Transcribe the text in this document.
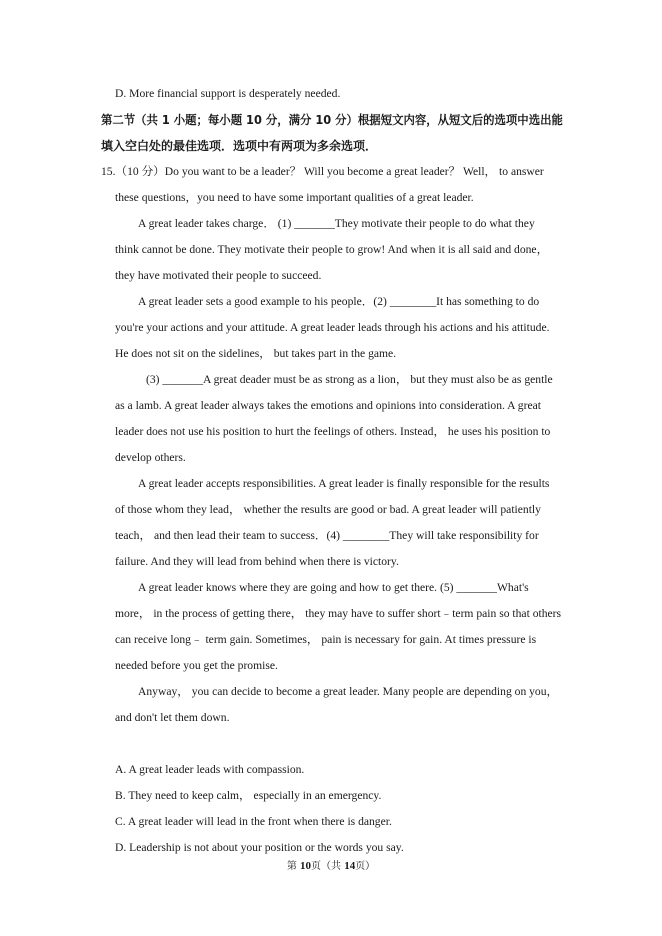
D. More financial support is desperately needed.
第二节（共 1 小题；每小题 10 分，满分 10 分）根据短文内容，从短文后的选项中选出能
填入空白处的最佳选项．选项中有两项为多余选项．
15.（10 分）Do you want to be a leader？ Will you become a great leader？ Well， to answer
these questions，you need to have some important qualities of a great leader.
A great leader takes charge． (1) _______They motivate their people to do what they
think cannot be done. They motivate their people to grow! And when it is all said and done，
they have motivated their people to succeed.
A great leader sets a good example to his people．(2) ________It has something to do
you're your actions and your attitude. A great leader leads through his actions and his attitude.
He does not sit on the sidelines， but takes part in the game.
(3) _______A great deader must be as strong as a lion， but they must also be as gentle
as a lamb. A great leader always takes the emotions and opinions into consideration. A great
leader does not use his position to hurt the feelings of others. Instead， he uses his position to
develop others.
A great leader accepts responsibilities. A great leader is finally responsible for the results
of those whom they lead， whether the results are good or bad. A great leader will patiently
teach， and then lead their team to success．(4) ________They will take responsibility for
failure. And they will lead from behind when there is victory.
A great leader knows where they are going and how to get there. (5) _______What's
more， in the process of getting there， they may have to suffer short﹣term pain so that others
can receive long﹣ term gain. Sometimes， pain is necessary for gain. At times pressure is
needed before you get the promise.
Anyway， you can decide to become a great leader. Many people are depending on you，
and don't let them down.
A. A great leader leads with compassion.
B. They need to keep calm， especially in an emergency.
C. A great leader will lead in the front when there is danger.
D. Leadership is not about your position or the words you say.
第 10页（共 14页）
